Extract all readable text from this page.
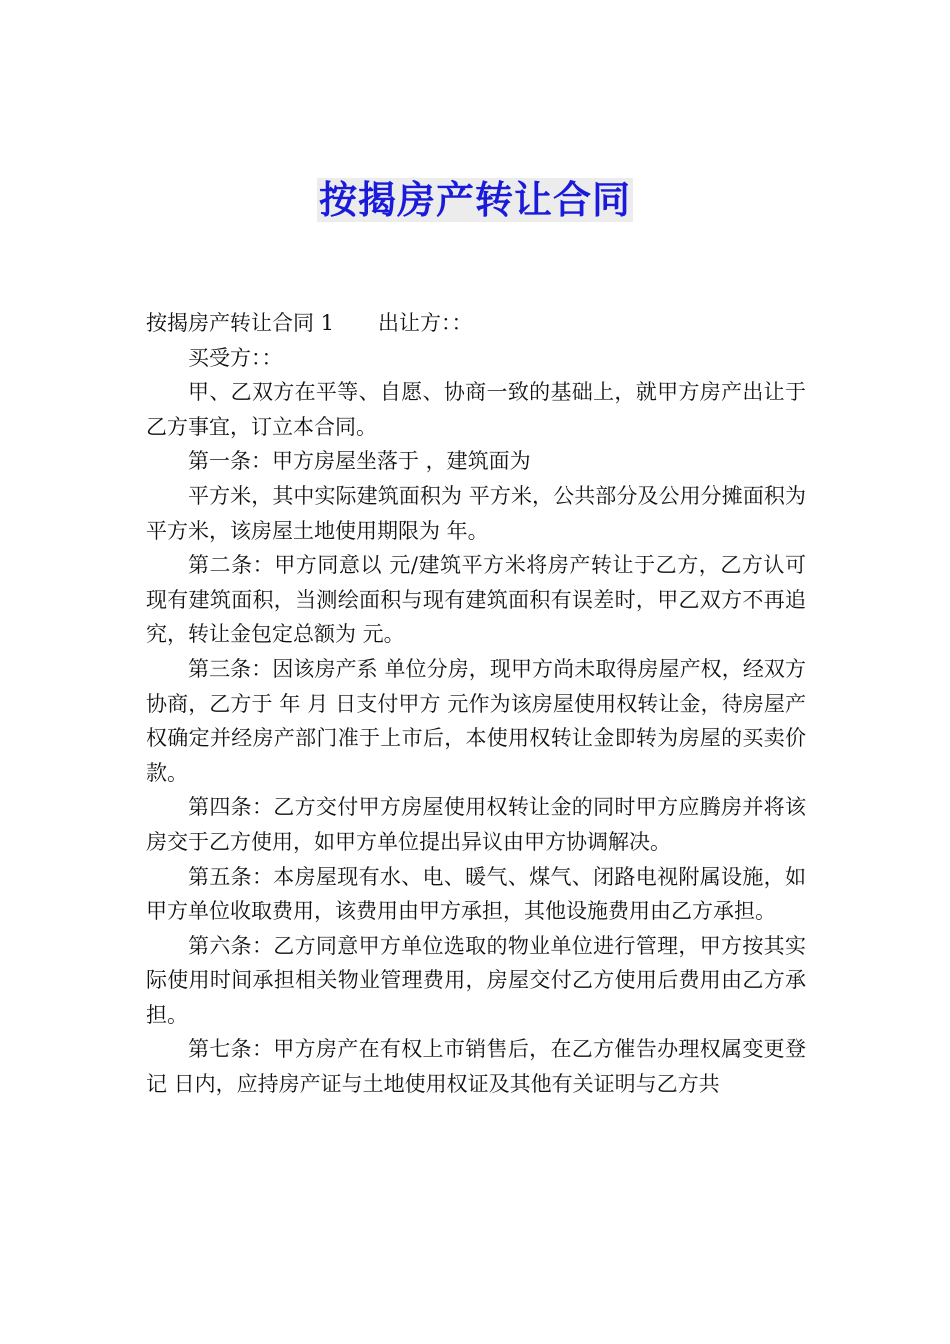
按揭房产转让合同

按揭房产转让合同 1 出让方：：

买受方：：

甲、乙双方在平等、自愿、协商一致的基础上，就甲方房产出让于乙方事宜，订立本合同。

第一条：甲方房屋坐落于 ，建筑面为

平方米，其中实际建筑面积为 平方米，公共部分及公用分摊面积为 平方米，该房屋土地使用期限为 年。

第二条：甲方同意以 元/建筑平方米将房产转让于乙方，乙方认可现有建筑面积，当测绘面积与现有建筑面积有误差时，甲乙双方不再追究，转让金包定总额为 元。

第三条：因该房产系 单位分房，现甲方尚未取得房屋产权，经双方协商，乙方于 年 月 日支付甲方 元作为该房屋使用权转让金，待房屋产权确定并经房产部门准于上市后，本使用权转让金即转为房屋的买卖价款。

第四条：乙方交付甲方房屋使用权转让金的同时甲方应腾房并将该房交于乙方使用，如甲方单位提出异议由甲方协调解决。

第五条：本房屋现有水、电、暖气、煤气、闭路电视附属设施，如甲方单位收取费用，该费用由甲方承担，其他设施费用由乙方承担。

第六条：乙方同意甲方单位选取的物业单位进行管理，甲方按其实际使用时间承担相关物业管理费用，房屋交付乙方使用后费用由乙方承担。

第七条：甲方房产在有权上市销售后，在乙方催告办理权属变更登记 日内，应持房产证与土地使用权证及其他有关证明与乙方共
